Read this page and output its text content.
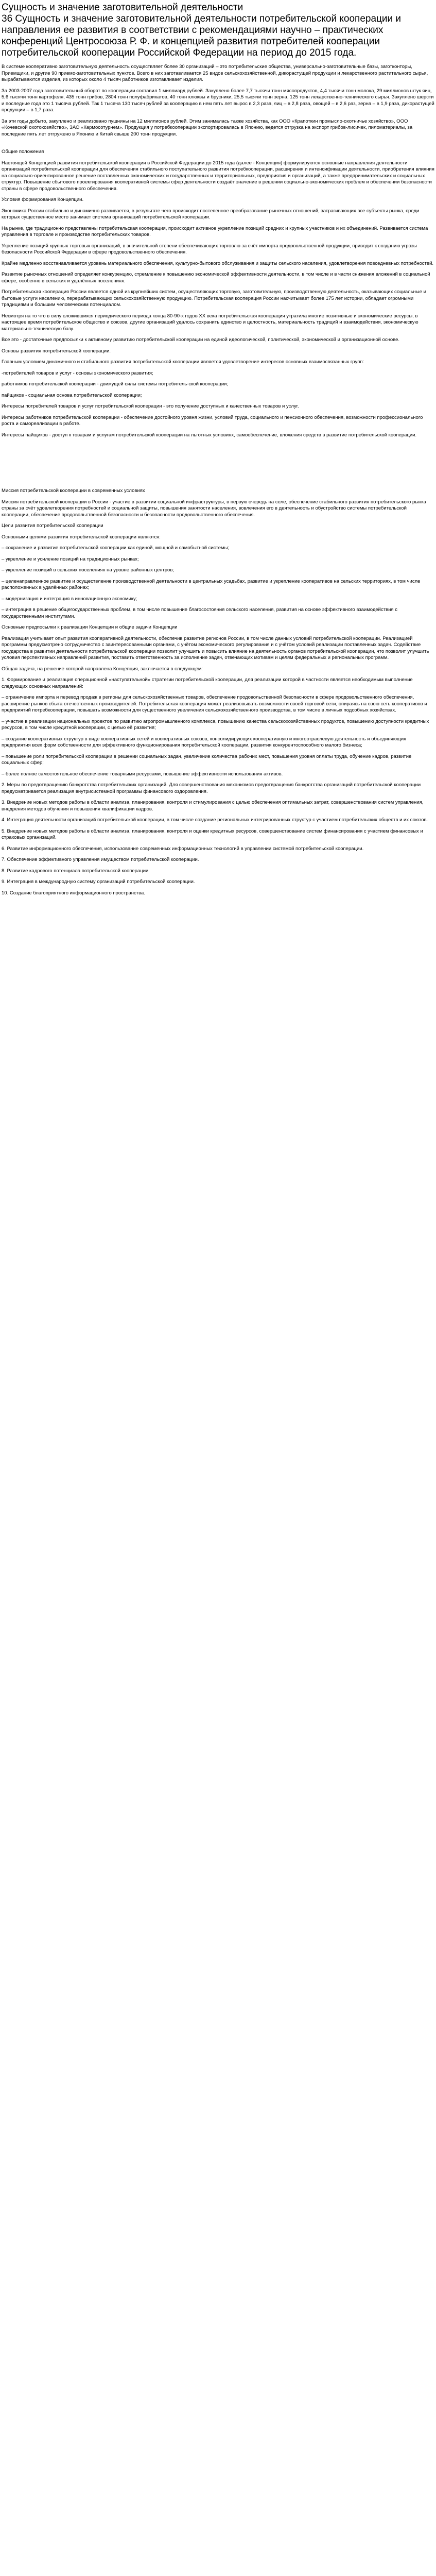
Сущность и значение заготовительной деятельности
36 Сущность и значение заготовительной деятельности потребительской кооперации и направления ее развития в соответствии с рекомендациями научно – практических конференций Центросоюза Р. Ф. и концепцией развития потребителей кооперации потребительской кооперации Российской Федерации на период до 2015 года.

В системе кооперативно заготовительную деятельность осуществляет более 30 организаций – это потребительские общества, универсально-заготовительные базы, заготконторы, Приемщики, и другие 90 приемо-заготовительных пунктов. Всего в них заготавливается 25 видов сельскохозяйственной, дикорастущей продукции и лекарственного растительного сырья, вырабатываются изделия, из которых около 4 тысяч работников изготавливает изделия.

За 2003-2007 года заготовительный оборот по кооперации составил 1 миллиард рублей. Закуплено более 7,7 тысячи тонн мясопродуктов, 4,4 тысячи тонн молока, 29 миллионов штук яиц, 5,6 тысячи тонн картофеля, 435 тонн грибов, 2804 тонн полуфабрикатов, 40 тонн клюквы и брусники, 25,5 тысячи тонн зерна, 125 тонн лекарственно-технического сырья. Закуплено шерсти и последние года это 1 тысяча рублей. Так 1 тысяча 130 тысяч рублей за кооперацию в нем пять лет вырос в 2,3 раза, яиц – в 2,8 раза, овощей – в 2,6 раз, зерна – в 1,9 раза, дикорастущей продукции – в 1,7 раза.

За эти годы добыто, закуплено и реализовано пушнины на 12 миллионов рублей. Этим занималась также хозяйства, как ООО «Крапоткин промысло-охотничье хозяйство», ООО «Кочевской охотохозяйство», ЗАО «Кармосотурнем». Продукция у потребкооперации экспортировалась в Японию, ведется отгрузка на экспорт грибов-лисичек, пиломатериалы, за последние пять лет отгружено в Японию и Китай свыше 200 тонн продукции.

Общие положения

Настоящей Концепцией развития потребительской кооперации в Российской Федерации до 2015 года (далее - Концепция) формулируются основные направления деятельности организаций потребительской кооперации для обеспечения стабильного поступательного развития потребкооперации, расширения и интенсификации деятельности, приобретения влияния на социально-ориентированное решение поставленных экономических и государственных и территориальных, предприятия и организаций, а также предпринимательских и социальных структур. Повышение сбытового проектирования кооперативной системы сфер деятельности создаёт значение в решении социально-экономических проблем и обеспечении безопасности страны в сфере продовольственного обеспечения.

Условия формирования Концепции.

Экономика России стабильно и динамично развивается, в результате чего происходит постепенное преобразование рыночных отношений, затрагивающих все субъекты рынка, среди которых существенное место занимает система организаций потребительской кооперации.

На рынке, где традиционно представлены потребительская кооперация, происходит активное укрепление позиций средних и крупных участников и их объединений. Развивается система управления в торговле и производстве потребительских товаров.

Укрепление позиций крупных торговых организаций, в значительной степени обеспечивающих торговлю за счёт импорта продовольственной продукции, приводит к созданию угрозы безопасности Российской Федерации в сфере продовольственного обеспечения.

Крайне медленно восстанавливается уровень материального обеспечения, культурно-бытового обслуживания и защиты сельского населения, удовлетворения повседневных потребностей.

Развитие рыночных отношений определяет конкуренцию, стремление к повышению экономической эффективности деятельности, в том числе и в части снижения вложений в социальной сфере, особенно в сельских и удалённых поселениях.

Потребительская кооперация России является одной из крупнейших систем, осуществляющих торговую, заготовительную, производственную деятельность, оказывающих социальные и бытовые услуги населению, перерабатывающих сельскохозяйственную продукцию. Потребительская кооперация России насчитывает более 175 лет истории, обладает огромными традициями и большим человеческим потенциалом.

Несмотря на то что в силу сложившихся периодического периода конца 80-90-х годов XX века потребительская кооперация утратила многие позитивные и экономические ресурсы, в настоящее время потребительское общество и союзов, другие организаций удалось сохранить единство и целостность, материальность традиций и взаимодействия, экономическую материально-техническую базу.

Все это - достаточные предпосылки к активному развитию потребительской кооперации на единой идеологической, политической, экономической и организационной основе.

Основы развития потребительской кооперации.

Главным условием динамичного и стабильного развития потребительской кооперации является удовлетворение интересов основных взаимосвязанных групп:

-потребителей товаров и услуг - основы экономического развития;

работников потребительской кооперации - движущей силы системы потребитель-ской кооперации;

пайщиков - социальная основа потребительской кооперации;

Интересы потребителей товаров и услуг потребительской кооперации - это получение доступных и качественных товаров и услуг.

Интересы работников потребительской кооперации - обеспечение достойного уровня жизни, условий труда, социального и пенсионного обеспечения, возможности профессионального роста и самореализации в работе.

Интересы пайщиков - доступ к товарам и услугам потребительской кооперации на льготных условиях, самообеспечение, вложения средств в развитие потребительской кооперации.

Миссия потребительской кооперации в современных условиях

Миссия потребительской кооперации в России - участие в развитии социальной инфраструктуры, в первую очередь на селе, обеспечение стабильного развития потребительского рынка страны за счёт удовлетворения потребностей и социальной защиты, повышения занятости населения, вовлечения его в деятельность и обустройство системы потребительской кооперации, обеспечение продовольственной безопасности и безопасности продовольственного обеспечения.

Цели развития потребительской кооперации

Основными целями развития потребительской кооперации являются:

– сохранение и развитие потребительской кооперации как единой, мощной и самобытной системы;

– укрепление и усиление позиций на традиционных рынках;

– укрепление позиций в сельских поселениях на уровне районных центров;

– целенаправленное развитие и осуществление производственной деятельности в центральных усадьбах, развитие и укрепление кооперативов на сельских территориях, в том числе расположенных в удалённых районах;

– модернизация и интеграция в инновационную экономику;

– интеграция в решение общегосударственных проблем, в том числе повышение благосостояния сельского населения, развития на основе эффективного взаимодействия с государственными институтами.

Основные предпосылки к реализации Концепции и общие задачи Концепции

Реализация учитывает опыт развития кооперативной деятельности, обеспечив развитие регионов России, в том числе данных условий потребительской кооперации. Реализацией программы предусмотрено сотрудничество с заинтересованными органами, с учётом экономического регулирования и с учётом условий реализации поставленных задач. Содействие государства в развитии деятельности потребительской кооперации позволит улучшить и повысить влияние на деятельность органов потребительской кооперации, что позволит улучшить условия перспективных направлений развития, поставить ответственность за исполнение задач, отвечающих мотивам и целям федеральных и региональных программ.

Общая задача, на решение которой направлена Концепция, заключается в следующем:

1. Формирование и реализация операционной «наступательной» стратегии потребительской кооперации, для реализации которой в частности является необходимым выполнение следующих основных направлений:

– ограничение импорта и перевод продаж в регионы для сельскохозяйственных товаров, обеспечение продовольственной безопасности в сфере продовольственного обеспечения, расширение рынков сбыта отечественных производителей. Потребительская кооперация может реализовывать возможности своей торговой сети, опираясь на свою сеть кооперативов и предприятий потребкооперации, повышать возможности для существенного увеличения сельскохозяйственного производства, в том числе в личных подсобных хозяйствах.

– участие в реализации национальных проектов по развитию агропромышленного комплекса, повышению качества сельскохозяйственных продуктов, повышению доступности кредитных ресурсов, в том числе кредитной кооперации, с целью её развития;

– создание кооперативных структур в виде кооперативных сетей и кооперативных союзов, консолидирующих кооперативную и многоотраслевую деятельность и объединяющих предприятия всех форм собственности для эффективного функционирования потребительской кооперации, развития конкурентоспособного малого бизнеса;

– повышение роли потребительской кооперации в решении социальных задач, увеличение количества рабочих мест, повышения уровня оплаты труда, обучение кадров, развитие социальных сфер;

– более полное самостоятельное обеспечение товарными ресурсами, повышение эффективности использования активов.

2. Меры по предотвращению банкротства потребительских организаций. Для совершенствования механизмов предотвращения банкротства организаций потребительской кооперации предусматривается реализация внутрисистемной программы финансового оздоровления.

3. Внедрение новых методов работы в области анализа, планирования, контроля и стимулирования с целью обеспечения оптимальных затрат, совершенствования систем управления, внедрения методов обучения и повышения квалификации кадров.

4. Интеграция деятельности организаций потребительской кооперации, в том числе создание региональных интегрированных структур с участием потребительских обществ и их союзов.

5. Внедрение новых методов работы в области анализа, планирования, контроля и оценки кредитных ресурсов, совершенствование систем финансирования с участием финансовых и страховых организаций.

6. Развитие информационного обеспечения, использование современных информационных технологий в управлении системой потребительской кооперации.

7. Обеспечение эффективного управления имуществом потребительской кооперации.

8. Развитие кадрового потенциала потребительской кооперации.

9. Интеграция в международную систему организаций потребительской кооперации.

10. Создание благоприятного информационного пространства.
